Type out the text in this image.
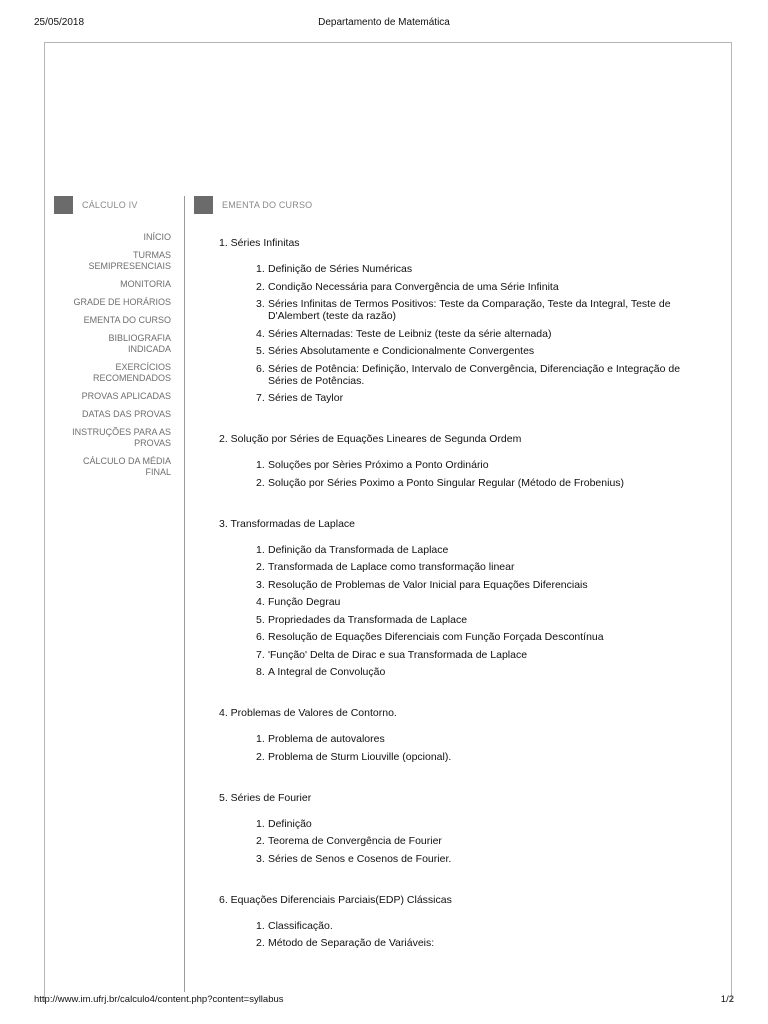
25/05/2018	Departamento de Matemática
CÁLCULO IV	EMENTA DO CURSO
INÍCIO
TURMAS
SEMIPRESENCIAIS
MONITORIA
GRADE DE HORÁRIOS
EMENTA DO CURSO
BIBLIOGRAFIA
INDICADA
EXERCÍCIOS
RECOMENDADOS
PROVAS APLICADAS
DATAS DAS PROVAS
INSTRUÇÕES PARA AS
PROVAS
CÁLCULO DA MÉDIA
FINAL
1. Séries Infinitas
1. Definição de Séries Numéricas
2. Condição Necessária para Convergência de uma Série Infinita
3. Séries Infinitas de Termos Positivos: Teste da Comparação, Teste da Integral, Teste de
D'Alembert (teste da razão)
4. Séries Alternadas: Teste de Leibniz (teste da série alternada)
5. Séries Absolutamente e Condicionalmente Convergentes
6. Séries de Potência: Definição, Intervalo de Convergência, Diferenciação e Integração de
Séries de Potências.
7. Séries de Taylor
2. Solução por Séries de Equações Lineares de Segunda Ordem
1. Soluções por Sèries Próximo a Ponto Ordinário
2. Solução por Séries Poximo a Ponto Singular Regular (Método de Frobenius)
3. Transformadas de Laplace
1. Definição da Transformada de Laplace
2. Transformada de Laplace como transformação linear
3. Resolução de Problemas de Valor Inicial para Equações Diferenciais
4. Função Degrau
5. Propriedades da Transformada de Laplace
6. Resolução de Equações Diferenciais com Função Forçada Descontínua
7. 'Função' Delta de Dirac e sua Transformada de Laplace
8. A Integral de Convolução
4. Problemas de Valores de Contorno.
1. Problema de autovalores
2. Problema de Sturm Liouville (opcional).
5. Séries de Fourier
1. Definição
2. Teorema de Convergência de Fourier
3. Séries de Senos e Cosenos de Fourier.
6. Equações Diferenciais Parciais(EDP) Clássicas
1. Classificação.
2. Método de Separação de Variáveis:
http://www.im.ufrj.br/calculo4/content.php?content=syllabus	1/2
